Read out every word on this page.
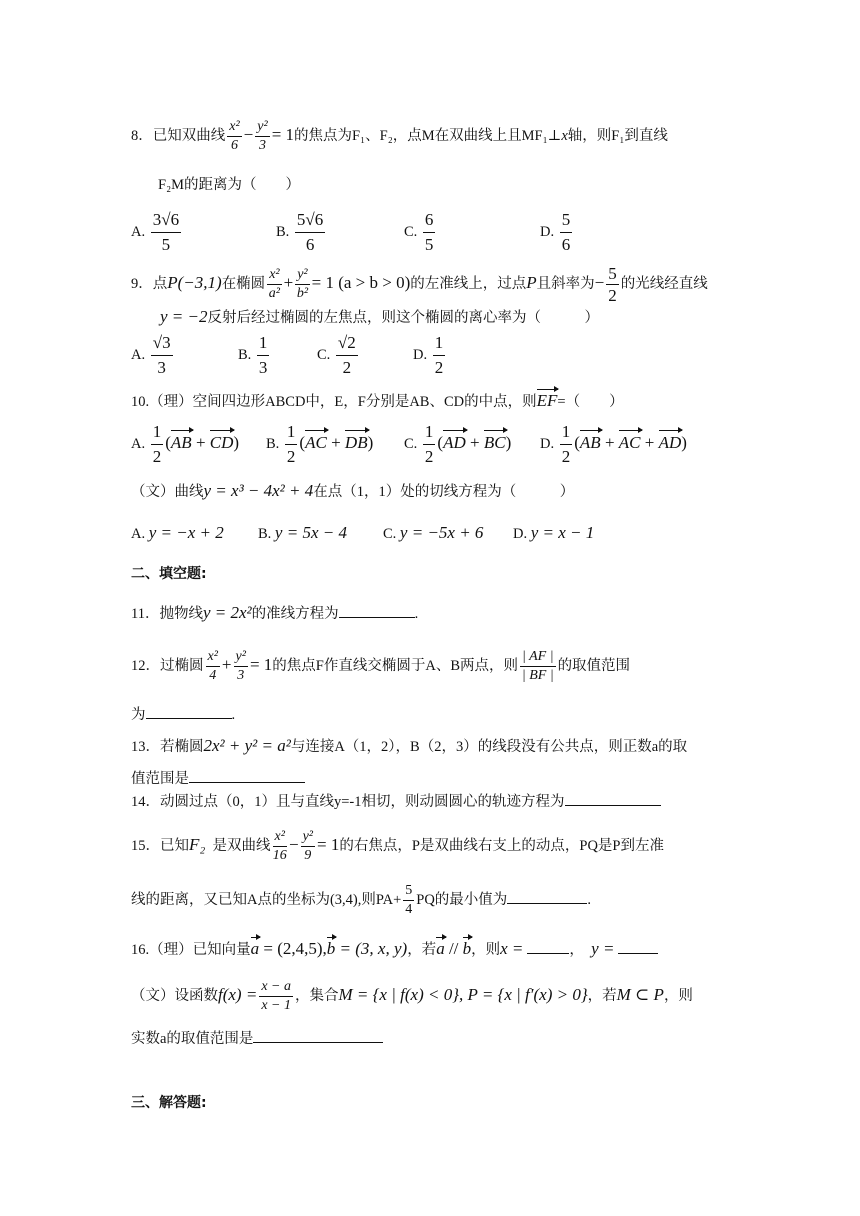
8．已知双曲线 $\frac{\text{x²}}{6} - \frac{\text{y²}}{3} = 1$的焦点为F₁、F₂，点M在双曲线上且MF₁⊥x轴，则F₁到直线
F₂M的距离为（　　）
A. $\frac{3√6}{5}$	B. $\frac{5√6}{6}$	C. $\frac{6}{5}$	D. $\frac{5}{6}$
9．点P(−3,1)在椭圆 $\frac{\text{x²}}{\text{a²}} + \frac{\text{y²}}{\text{b²}} = 1$ (a > b > 0)的左准线上，过点P且斜率为− $\frac{5}{2}$ 的光线经直线
y = −2反射后经过椭圆的左焦点，则这个椭圆的离心率为（　　　）
A. $\frac{√3}{3}$	B. $\frac{1}{3}$	C. $\frac{√2}{2}$	D. $\frac{1}{2}$
10.（理）空间四边形ABCD中，E，F分别是AB、CD的中点，则EF=（　　）
A. $\frac{1}{2} (AB + CD)$ B. $\frac{1}{2} (AC + DB)$ C. $\frac{1}{2} (AD + BC)$ D. $\frac{1}{2} (AB$ + AC + AD)
（文）曲线y = x³ − 4x² + 4在点（1，1）处的切线方程为（　　　）
A. y = −x + 2 B. y = 5x − 4 C. y = −5x + 6 D. y = x − 1
二、填空题:
11．抛物线y = 2x²的准线方程为	.
12．过椭圆 $\frac{\text{x²}}{4} + \frac{\text{y²}}{3} = 1$的焦点F作直线交椭圆于A、B两点，则 $\frac{| AF |}{| BF |}$ 的取值范围
为	.
13．若椭圆2x² + y² = a²与连接A（1，2），B（2，3）的线段没有公共点，则正数a的取
值范围是
14．动圆过点（0，1）且与直线y=-1相切，则动圆圆心的轨迹方程为
15．已知F₂ 是双曲线 $\frac{\text{x²}}{16} - \frac{\text{y²}}{9} = 1$的右焦点，P是双曲线右支上的动点，PQ是P到左准
线的距离，又已知A点的坐标为(3,4),则$PA+ \frac{5}{4}$ PQ的最小值为	.
16.（理）已知向量a = (2,4,5),b = (3, x, y)，若a // b，则x =	， y =
（文）设函数$f(x) = \frac{x - a}{x - 1}$ ，集合M = {x | f(x) < 0}, P = {x | f′(x) > 0}，若M ⊂ P，则
实数a的取值范围是
三、解答题:
